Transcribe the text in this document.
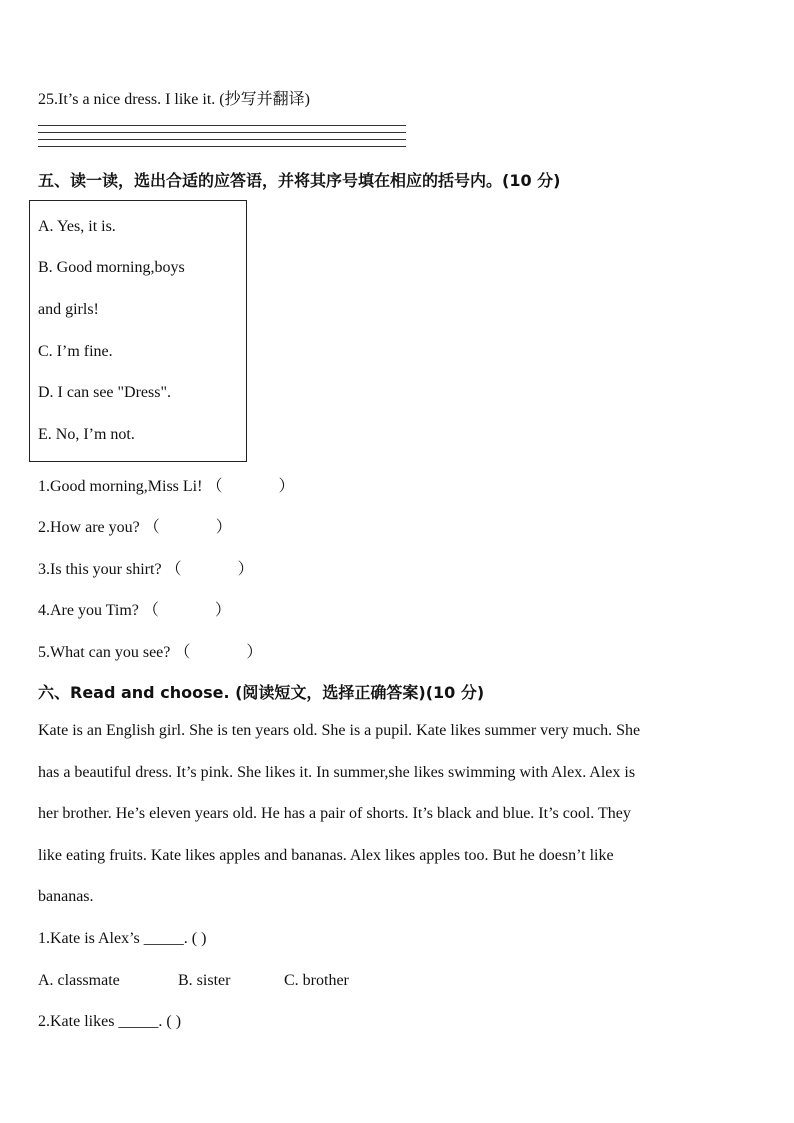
25.It’s a nice dress. I like it. (抄写并翻译)
五、读一读，选出合适的应答语，并将其序号填在相应的括号内。(10 分)
A. Yes, it is.
B. Good morning,boys
and girls!
C. I’m fine.
D. I can see "Dress".
E. No, I’m not.
1.Good morning,Miss Li! （	）
2.How are you? （	）
3.Is this your shirt? （	）
4.Are you Tim? （	）
5.What can you see? （	）
六、Read and choose. (阅读短文，选择正确答案)(10 分)
Kate is an English girl. She is ten years old. She is a pupil. Kate likes summer very much. She
has a beautiful dress. It’s pink. She likes it. In summer,she likes swimming with Alex. Alex is
her brother. He’s eleven years old. He has a pair of shorts. It’s black and blue. It’s cool. They
like eating fruits. Kate likes apples and bananas. Alex likes apples too. But he doesn’t like
bananas.
1.Kate is Alex’s _____. ( )
A. classmate	B. sister	C. brother
2.Kate likes _____. ( )
